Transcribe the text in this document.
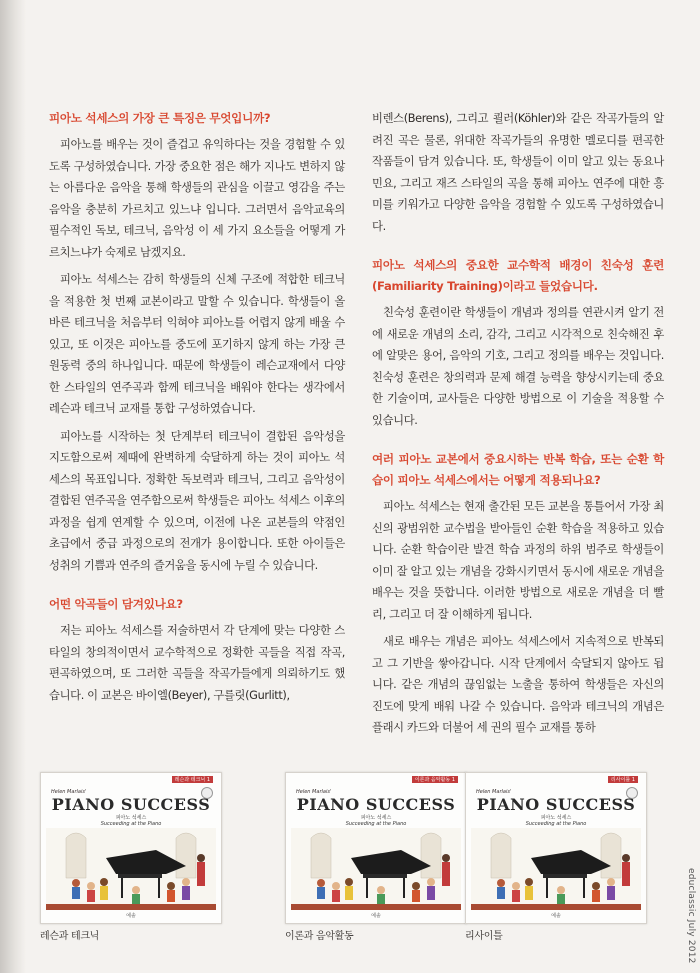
피아노 석세스의 가장 큰 특징은 무엇입니까?

피아노를 배우는 것이 즐겁고 유익하다는 것을 경험할 수 있도록 구성하였습니다. 가장 중요한 점은 해가 지나도 변하지 않는 아름다운 음악을 통해 학생들의 관심을 이끌고 영감을 주는 음악을 충분히 가르치고 있느냐 입니다. 그러면서 음악교육의 필수적인 독보, 테크닉, 음악성 이 세 가지 요소들을 어떻게 가르치느냐가 숙제로 남겠지요.

피아노 석세스는 감히 학생들의 신체 구조에 적합한 테크닉을 적용한 첫 번째 교본이라고 말할 수 있습니다. 학생들이 올바른 테크닉을 처음부터 익혀야 피아노를 어렵지 않게 배울 수 있고, 또 이것은 피아노를 중도에 포기하지 않게 하는 가장 큰 원동력 중의 하나입니다. 때문에 학생들이 레슨교재에서 다양한 스타일의 연주곡과 함께 테크닉을 배워야 한다는 생각에서 레슨과 테크닉 교재를 통합 구성하였습니다.

피아노를 시작하는 첫 단계부터 테크닉이 결합된 음악성을 지도함으로써 제때에 완벽하게 숙달하게 하는 것이 피아노 석세스의 목표입니다. 정확한 독보력과 테크닉, 그리고 음악성이 결합된 연주곡을 연주함으로써 학생들은 피아노 석세스 이후의 과정을 쉽게 연계할 수 있으며, 이전에 나온 교본들의 약점인 초급에서 중급 과정으로의 전개가 용이합니다. 또한 아이들은 성취의 기쁨과 연주의 즐거움을 동시에 누릴 수 있습니다.

어떤 악곡들이 담겨있나요?

저는 피아노 석세스를 저술하면서 각 단계에 맞는 다양한 스타일의 창의적이면서 교수학적으로 정확한 곡들을 직접 작곡, 편곡하였으며, 또 그러한 곡들을 작곡가들에게 의뢰하기도 했습니다. 이 교본은 바이엘(Beyer), 구를릿(Gurlitt),

비렌스(Berens), 그리고 쾰러(Köhler)와 같은 작곡가들의 알려진 곡은 물론, 위대한 작곡가들의 유명한 멜로디를 편곡한 작품들이 담겨 있습니다. 또, 학생들이 이미 알고 있는 동요나 민요, 그리고 재즈 스타일의 곡을 통해 피아노 연주에 대한 흥미를 키워가고 다양한 음악을 경험할 수 있도록 구성하였습니다.

피아노 석세스의 중요한 교수학적 배경이 친숙성 훈련(Familiarity Training)이라고 들었습니다.

친숙성 훈련이란 학생들이 개념과 정의를 연관시켜 알기 전에 새로운 개념의 소리, 감각, 그리고 시각적으로 친숙해진 후에 알맞은 용어, 음악의 기호, 그리고 정의를 배우는 것입니다. 친숙성 훈련은 창의력과 문제 해결 능력을 향상시키는데 중요한 기술이며, 교사들은 다양한 방법으로 이 기술을 적용할 수 있습니다.

여러 피아노 교본에서 중요시하는 반복 학습, 또는 순환 학습이 피아노 석세스에서는 어떻게 적용되나요?

피아노 석세스는 현재 출간된 모든 교본을 통틀어서 가장 최신의 광범위한 교수법을 받아들인 순환 학습을 적용하고 있습니다. 순환 학습이란 발견 학습 과정의 하위 범주로 학생들이 이미 잘 알고 있는 개념을 강화시키면서 동시에 새로운 개념을 배우는 것을 뜻합니다. 이러한 방법으로 새로운 개념을 더 빨리, 그리고 더 잘 이해하게 됩니다.

새로 배우는 개념은 피아노 석세스에서 지속적으로 반복되고 그 기반을 쌓아갑니다. 시작 단계에서 숙달되지 않아도 됩니다. 같은 개념의 끊임없는 노출을 통하여 학생들은 자신의 진도에 맞게 배워 나갈 수 있습니다. 음악과 테크닉의 개념은 플래시 카드와 더불어 세 권의 필수 교재를 통하

레슨과 테크닉 1
Helen Marlais'
PIANO SUCCESS
피아노 석세스
Succeeding at the Piano
예솔
레슨과 테크닉
이론과 음악활동 1
Helen Marlais'
PIANO SUCCESS
피아노 석세스
Succeeding at the Piano
예솔
이론과 음악활동
리사이틀 1
Helen Marlais'
PIANO SUCCESS
피아노 석세스
Succeeding at the Piano
예솔
리사이틀	educlassic July 2012
